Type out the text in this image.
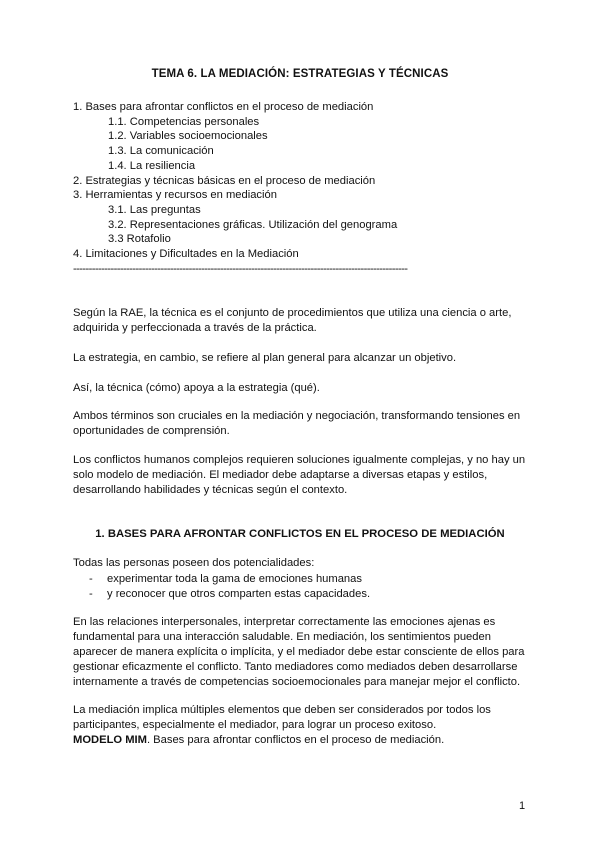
TEMA 6. LA MEDIACIÓN: ESTRATEGIAS Y TÉCNICAS
1. Bases para afrontar conflictos en el proceso de mediación
1.1. Competencias personales
1.2. Variables socioemocionales
1.3. La comunicación
1.4. La resiliencia
2. Estrategias y técnicas básicas en el proceso de mediación
3. Herramientas y recursos en mediación
3.1. Las preguntas
3.2. Representaciones gráficas. Utilización del genograma
3.3 Rotafolio
4. Limitaciones y Dificultades en la Mediación
-----------------------------------------------------------------------------------------------------------

Según la RAE, la técnica es el conjunto de procedimientos que utiliza una ciencia o arte, adquirida y perfeccionada a través de la práctica.

La estrategia, en cambio, se refiere al plan general para alcanzar un objetivo.

Así, la técnica (cómo) apoya a la estrategia (qué).

Ambos términos son cruciales en la mediación y negociación, transformando tensiones en oportunidades de comprensión.

Los conflictos humanos complejos requieren soluciones igualmente complejas, y no hay un solo modelo de mediación. El mediador debe adaptarse a diversas etapas y estilos, desarrollando habilidades y técnicas según el contexto.

1. BASES PARA AFRONTAR CONFLICTOS EN EL PROCESO DE MEDIACIÓN

Todas las personas poseen dos potencialidades:

- experimentar toda la gama de emociones humanas
- y reconocer que otros comparten estas capacidades.

En las relaciones interpersonales, interpretar correctamente las emociones ajenas es fundamental para una interacción saludable. En mediación, los sentimientos pueden aparecer de manera explícita o implícita, y el mediador debe estar consciente de ellos para gestionar eficazmente el conflicto. Tanto mediadores como mediados deben desarrollarse internamente a través de competencias socioemocionales para manejar mejor el conflicto.

La mediación implica múltiples elementos que deben ser considerados por todos los participantes, especialmente el mediador, para lograr un proceso exitoso.
MODELO MIM. Bases para afrontar conflictos en el proceso de mediación.

1
